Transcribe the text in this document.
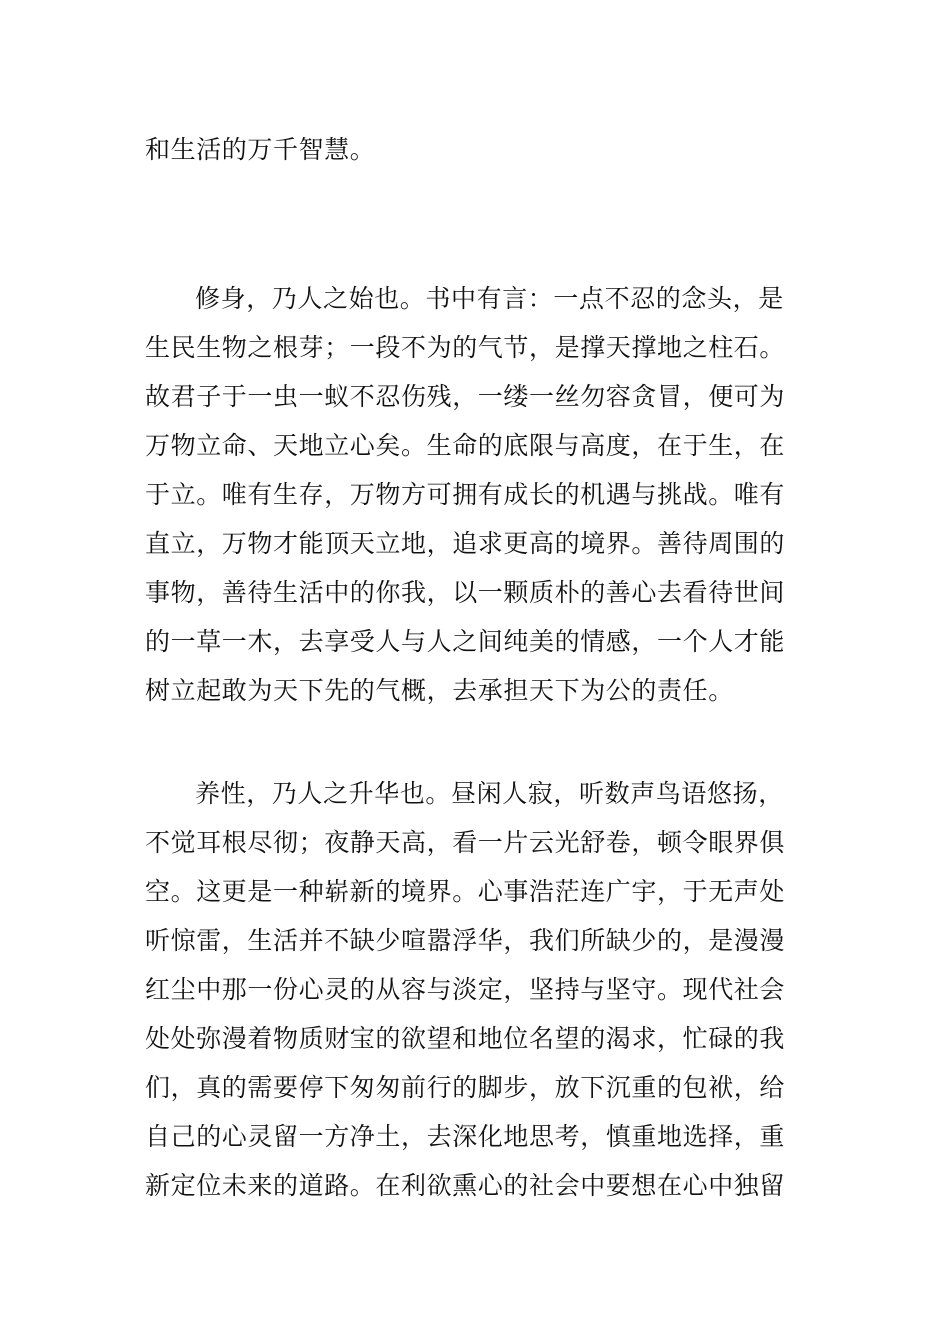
和生活的万千智慧。
修身，乃人之始也。书中有言：一点不忍的念头，是
生民生物之根芽；一段不为的气节，是撑天撑地之柱石。
故君子于一虫一蚁不忍伤残，一缕一丝勿容贪冒，便可为
万物立命、天地立心矣。生命的底限与高度，在于生，在
于立。唯有生存，万物方可拥有成长的机遇与挑战。唯有
直立，万物才能顶天立地，追求更高的境界。善待周围的
事物，善待生活中的你我，以一颗质朴的善心去看待世间
的一草一木，去享受人与人之间纯美的情感，一个人才能
树立起敢为天下先的气概，去承担天下为公的责任。
养性，乃人之升华也。昼闲人寂，听数声鸟语悠扬，
不觉耳根尽彻；夜静天高，看一片云光舒卷，顿令眼界俱
空。这更是一种崭新的境界。心事浩茫连广宇，于无声处
听惊雷，生活并不缺少喧嚣浮华，我们所缺少的，是漫漫
红尘中那一份心灵的从容与淡定，坚持与坚守。现代社会
处处弥漫着物质财宝的欲望和地位名望的渴求，忙碌的我
们，真的需要停下匆匆前行的脚步，放下沉重的包袱，给
自己的心灵留一方净土，去深化地思考，慎重地选择，重
新定位未来的道路。在利欲熏心的社会中要想在心中独留
